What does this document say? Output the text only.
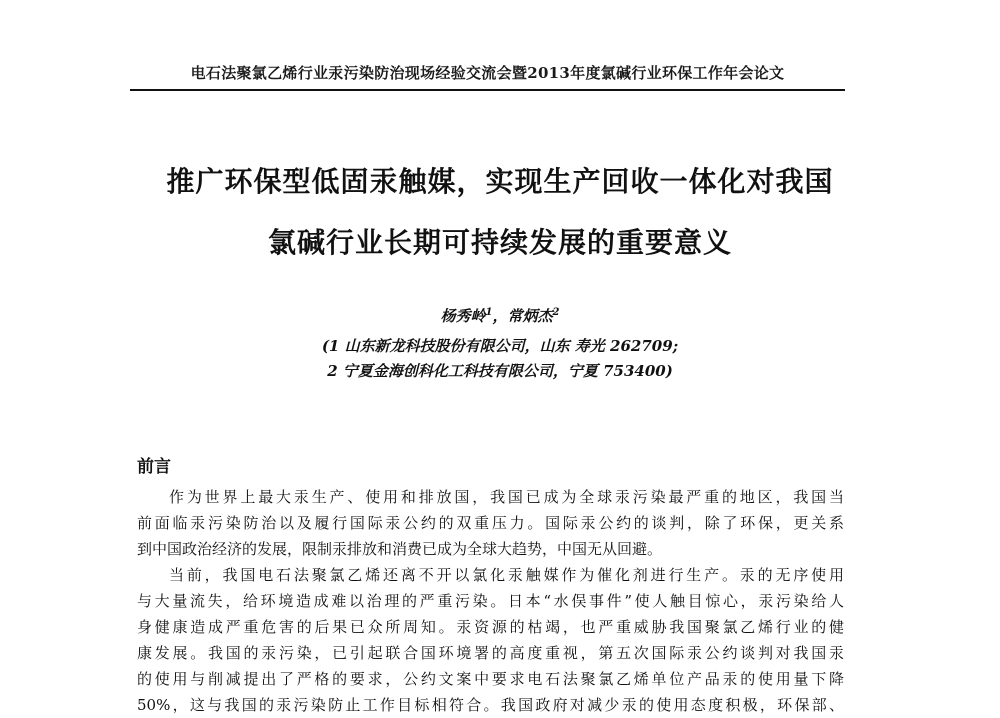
电石法聚氯乙烯行业汞污染防治现场经验交流会暨2013年度氯碱行业环保工作年会论文
推广环保型低固汞触媒，实现生产回收一体化对我国
氯碱行业长期可持续发展的重要意义
杨秀岭$^1$，常炳杰$^2$
(1 山东新龙科技股份有限公司，山东 寿光 262709;
2 宁夏金海创科化工科技有限公司，宁夏 753400)
前言
作为世界上最大汞生产、使用和排放国，我国已成为全球汞污染最严重的地区，我国当
前面临汞污染防治以及履行国际汞公约的双重压力。国际汞公约的谈判，除了环保，更关系
到中国政治经济的发展，限制汞排放和消费已成为全球大趋势，中国无从回避。
当前，我国电石法聚氯乙烯还离不开以氯化汞触媒作为催化剂进行生产。汞的无序使用
与大量流失，给环境造成难以治理的严重污染。日本“水俣事件”使人触目惊心，汞污染给人
身健康造成严重危害的后果已众所周知。汞资源的枯竭，也严重威胁我国聚氯乙烯行业的健
康发展。我国的汞污染，已引起联合国环境署的高度重视，第五次国际汞公约谈判对我国汞
的使用与削减提出了严格的要求，公约文案中要求电石法聚氯乙烯单位产品汞的使用量下降
50%，这与我国的汞污染防止工作目标相符合。我国政府对减少汞的使用态度积极，环保部、
